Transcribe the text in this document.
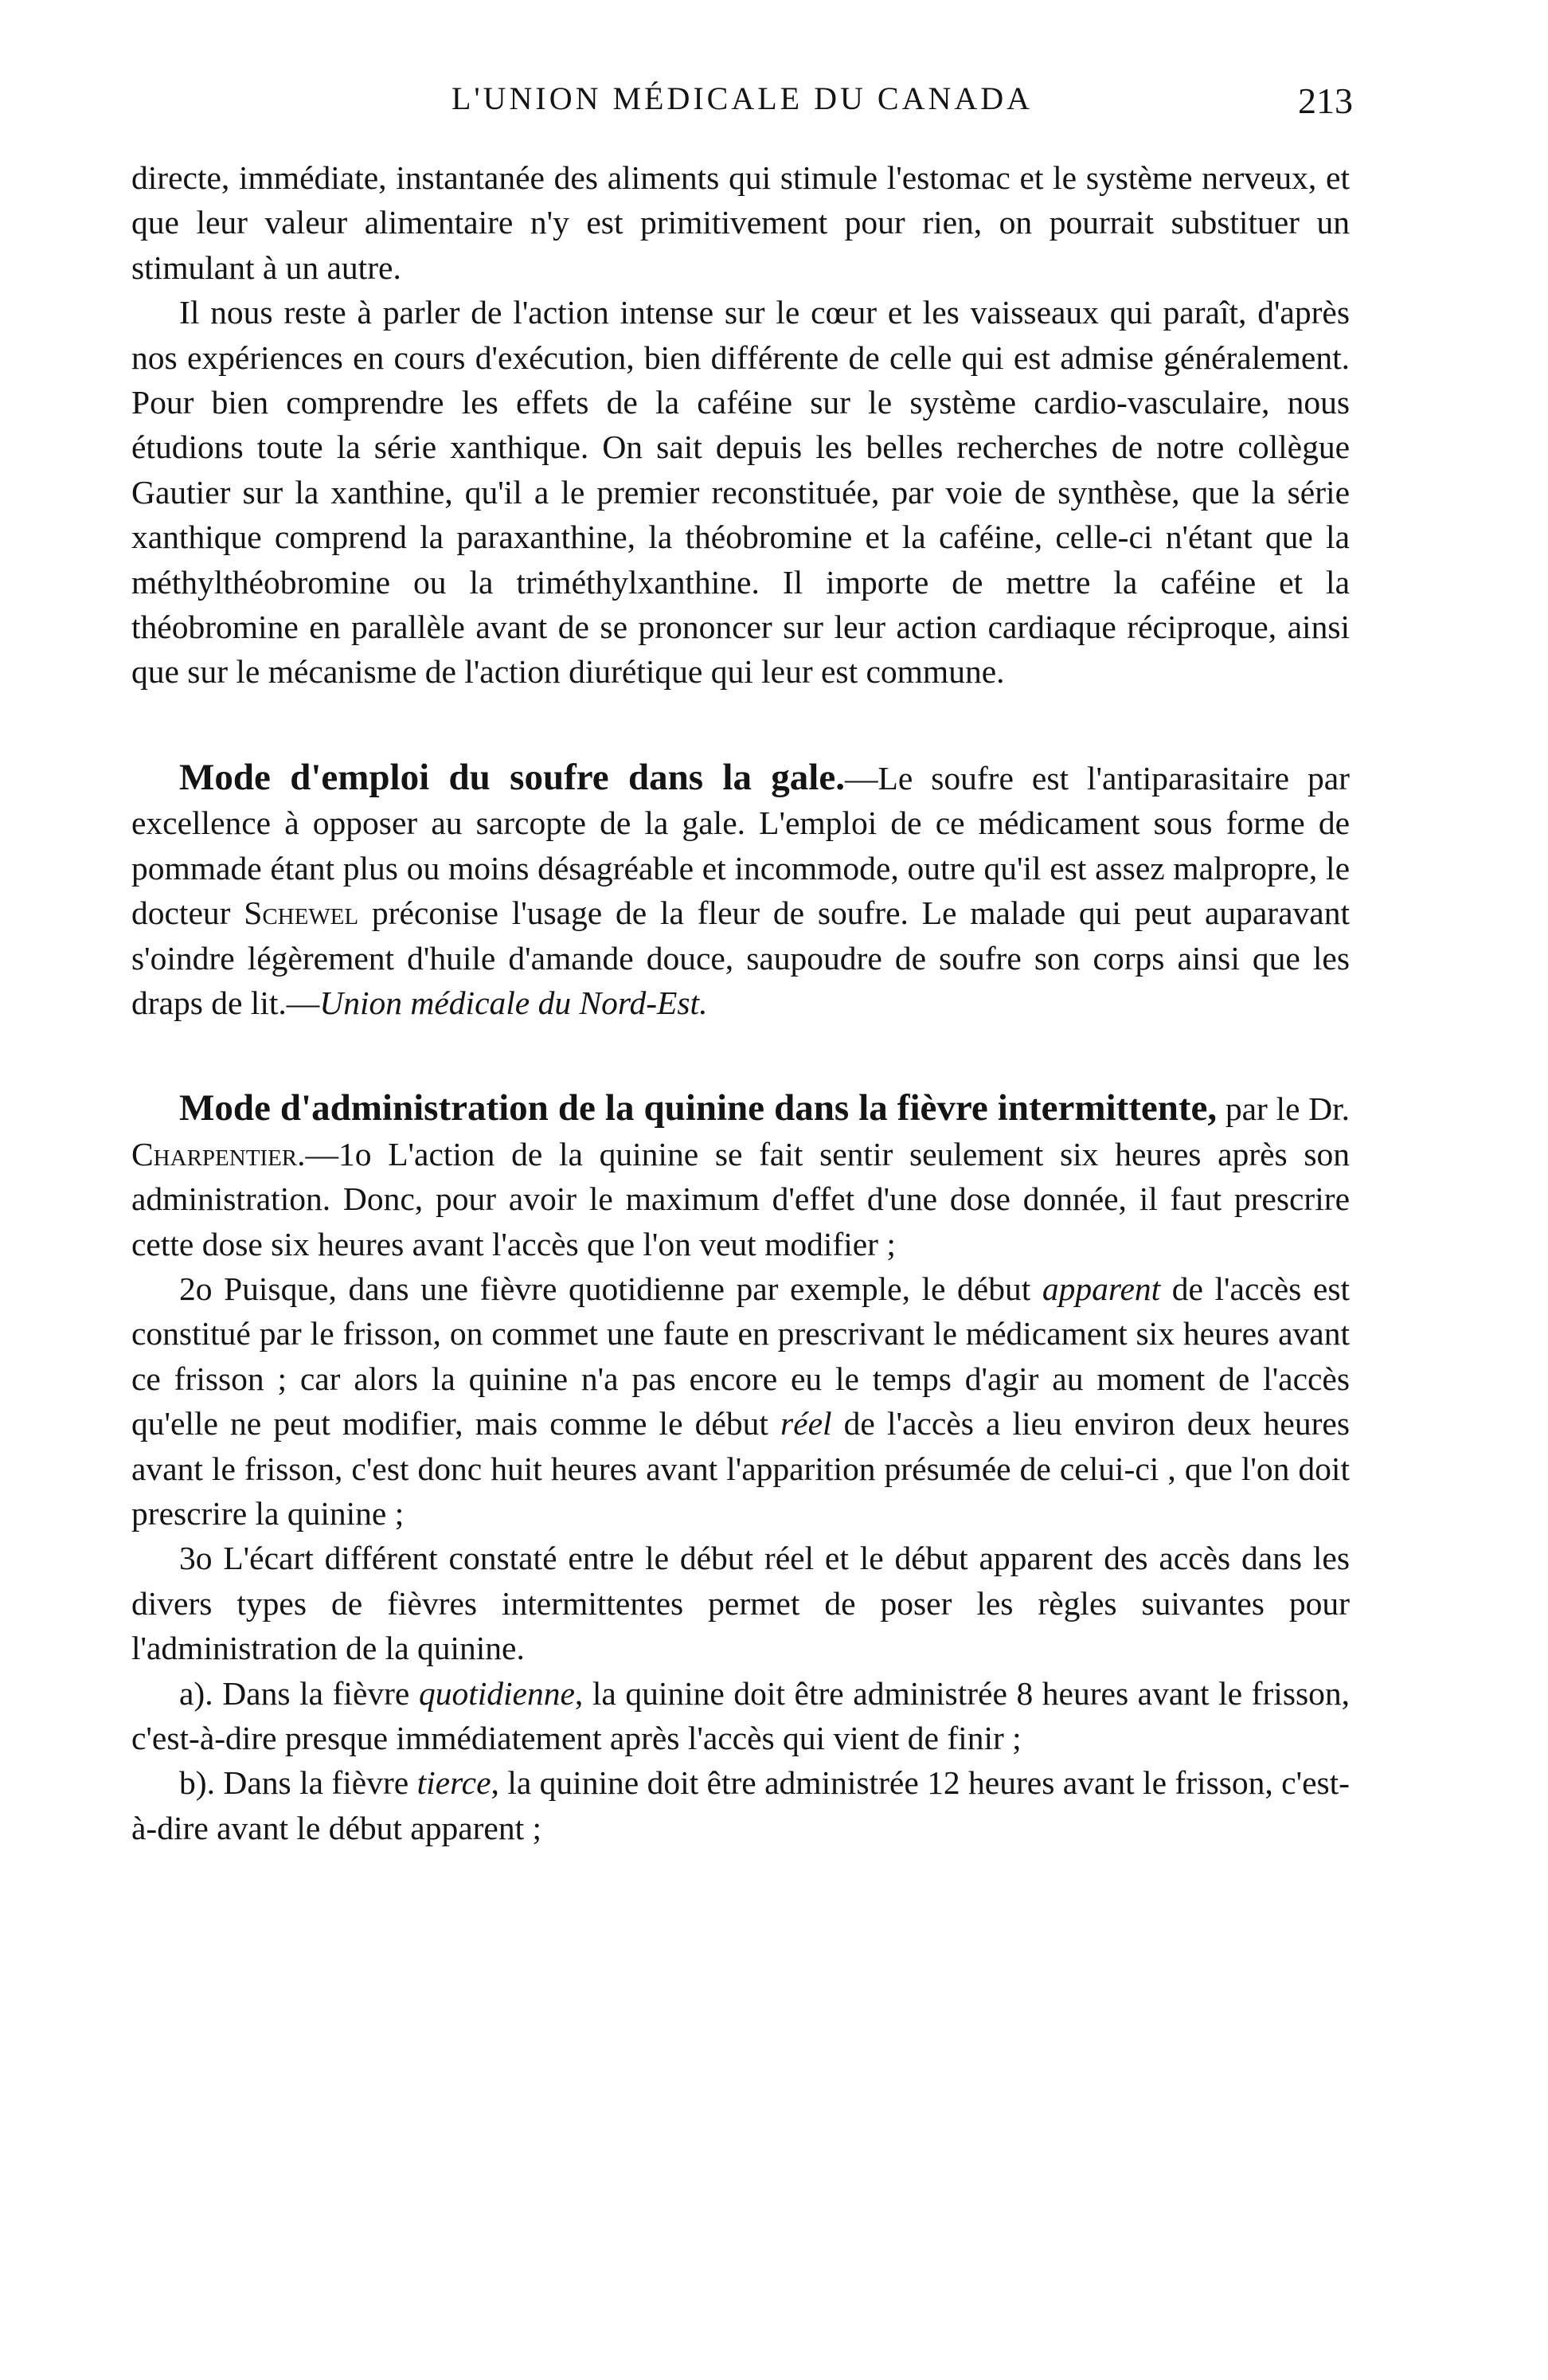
L'UNION MÉDICALE DU CANADA	213

directe, immédiate, instantanée des aliments qui stimule l'estomac et le système nerveux, et que leur valeur alimentaire n'y est primitivement pour rien, on pourrait substituer un stimulant à un autre.

Il nous reste à parler de l'action intense sur le cœur et les vaisseaux qui paraît, d'après nos expériences en cours d'exécution, bien différente de celle qui est admise généralement. Pour bien comprendre les effets de la caféine sur le système cardio-vasculaire, nous étudions toute la série xanthique. On sait depuis les belles recherches de notre collègue Gautier sur la xanthine, qu'il a le premier reconstituée, par voie de synthèse, que la série xanthique comprend la paraxanthine, la théobromine et la caféine, celle-ci n'étant que la méthylthéobromine ou la triméthylxanthine. Il importe de mettre la caféine et la théobromine en parallèle avant de se prononcer sur leur action cardiaque réciproque, ainsi que sur le mécanisme de l'action diurétique qui leur est commune.

Mode d'emploi du soufre dans la gale.—Le soufre est l'antiparasitaire par excellence à opposer au sarcopte de la gale. L'emploi de ce médicament sous forme de pommade étant plus ou moins désagréable et incommode, outre qu'il est assez malpropre, le docteur Schewel préconise l'usage de la fleur de soufre. Le malade qui peut auparavant s'oindre légèrement d'huile d'amande douce, saupoudre de soufre son corps ainsi que les draps de lit.—Union médicale du Nord-Est.

Mode d'administration de la quinine dans la fièvre intermittente, par le Dr. Charpentier.—1o L'action de la quinine se fait sentir seulement six heures après son administration. Donc, pour avoir le maximum d'effet d'une dose donnée, il faut prescrire cette dose six heures avant l'accès que l'on veut modifier ;

2o Puisque, dans une fièvre quotidienne par exemple, le début apparent de l'accès est constitué par le frisson, on commet une faute en prescrivant le médicament six heures avant ce frisson ; car alors la quinine n'a pas encore eu le temps d'agir au moment de l'accès qu'elle ne peut modifier, mais comme le début réel de l'accès a lieu environ deux heures avant le frisson, c'est donc huit heures avant l'apparition présumée de celui-ci , que l'on doit prescrire la quinine ;

3o L'écart différent constaté entre le début réel et le début apparent des accès dans les divers types de fièvres intermittentes permet de poser les règles suivantes pour l'administration de la quinine.

a). Dans la fièvre quotidienne, la quinine doit être administrée 8 heures avant le frisson, c'est-à-dire presque immédiatement après l'accès qui vient de finir ;

b). Dans la fièvre tierce, la quinine doit être administrée 12 heures avant le frisson, c'est-à-dire avant le début apparent ;
